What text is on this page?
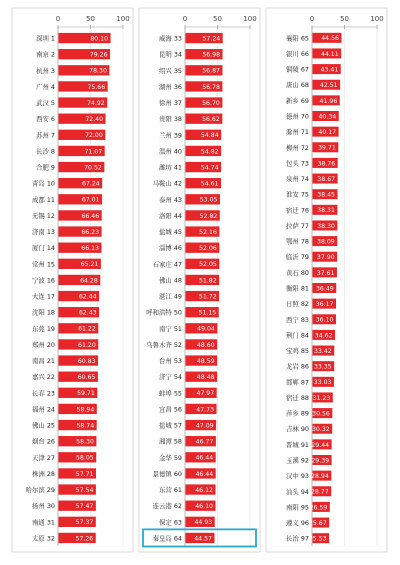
0	50	100
深圳 1	80.10
南京 2	79.26
杭州 3	78.30
广州 4	75.66
武汉 5	74.92
西安 6	72.40
苏州 7	72.00
长沙 8	71.07
合肥 9	70.52
青岛 10	67.24
成都 11	67.01
无锡 12	66.46
济南 13	66.23
厦门 14	66.13
常州 15	65.21
宁波 16	64.28
大连 17	62.44
沈阳 18	62.43
东莞 19	61.22
郑州 20	61.20
南昌 21	60.83
嘉兴 22	60.65
长春 23	59.71
福州 24	58.94
佛山 25	58.74
烟台 26	58.30
天津 27	58.05
株洲 28	57.71
哈尔滨 29	57.54
扬州 30	57.47
南通 31	57.37
太原 32	57.26
0	50	100
威海 33	57.24
昆明 34	56.98
绍兴 35	56.87
湖州 36	56.78
徐州 37	56.70
贵阳 38	56.62
兰州 39	54.84
温州 40	54.82
潍坊 41	54.74
马鞍山 42	54.61
泰州 43	53.05
洛阳 44	52.82
盐城 45	52.16
淄博 46	52.06
石家庄 47	52.05
佛山 48	51.82
湛江 49	51.72
呼和浩特 50	51.15
南宁 51 49.04
乌鲁木齐 52 48.60
台州 53 48.59
济宁 54 48.48
蚌埠 55 47.97
宜昌 56 47.73
盐城 57 47.09
湘潭 58 46.77
金华 59 46.44
景德镇 60 46.44
东营 61 46.12
连云港 62 46.10
保定 63 44.93
秦皇岛 64 44.57
0	50	100
襄阳 65 44.56
银川 66 44.11
铜陵 67 43.41
唐山 68 42.51
新乡 69 41.96
德州 70 40.34
滁州 71 40.17
柳州 72 39.71
包头 73 38.76
泉州 74 38.67
淮安 75 38.45
宿迁 76 38.31
拉萨 77 38.30
鄂州 78 38.09
临沂 79 37.90
黄石 80 37.61
衡阳 81 36.49
日照 82 36.17
西宁 83 36.10
荆门 84 34.62
宝鸡 85 33.42
龙岩 86 33.35
邯郸 87 33.03
宿迁 88 31.23
萍乡 89 30.56
吉林 90 30.32
晋城 91 29.44
玉溪 92 29.39
汉中 93 28.94
汕头 94 28.77
南阳 95 26.59
遵义 96 25.67
长治 97 25.53
